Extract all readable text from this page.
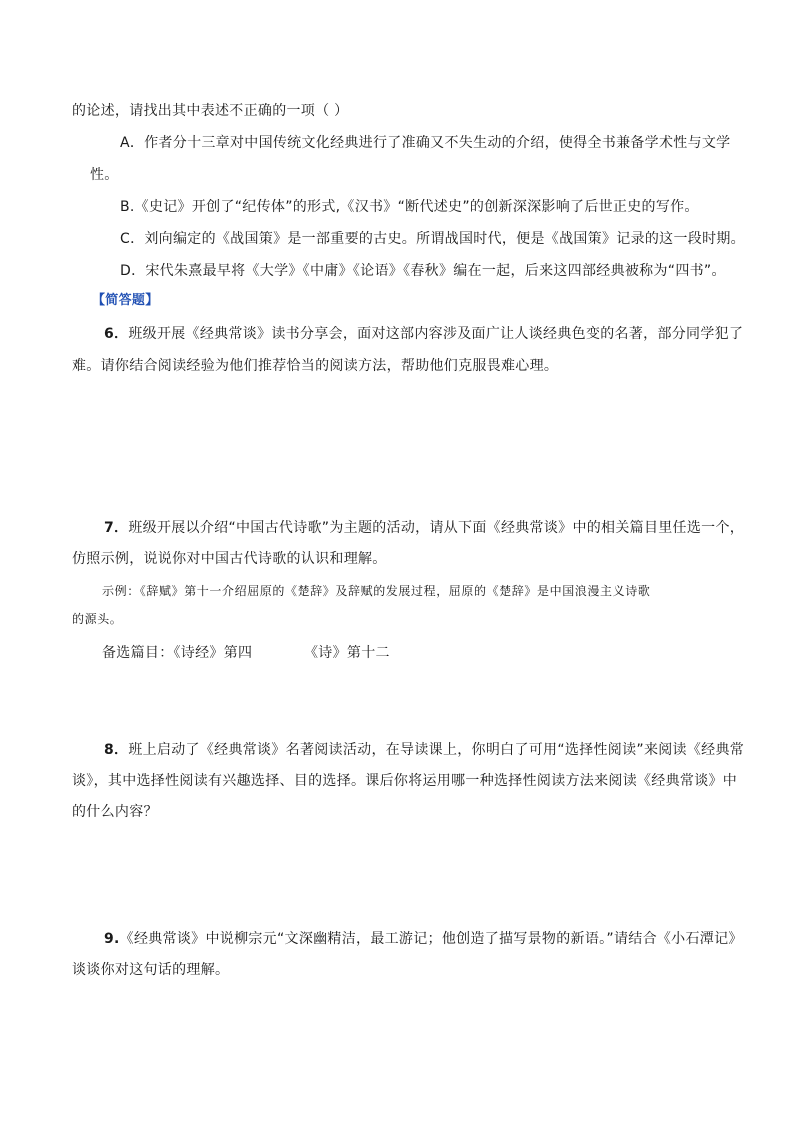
的论述，请找出其中表述不正确的一项（ ）
A．作者分十三章对中国传统文化经典进行了准确又不失生动的介绍，使得全书兼备学术性与文学
性。
B.《史记》开创了“纪传体”的形式,《汉书》“断代述史”的创新深深影响了后世正史的写作。
C．刘向编定的《战国策》是一部重要的古史。所谓战国时代，便是《战国策》记录的这一段时期。
D．宋代朱熹最早将《大学》《中庸》《论语》《春秋》编在一起，后来这四部经典被称为“四书”。
【简答题】
6．班级开展《经典常谈》读书分享会，面对这部内容涉及面广让人谈经典色变的名著，部分同学犯了
难。请你结合阅读经验为他们推荐恰当的阅读方法，帮助他们克服畏难心理。
7．班级开展以介绍“中国古代诗歌”为主题的活动，请从下面《经典常谈》中的相关篇目里任选一个，
仿照示例，说说你对中国古代诗歌的认识和理解。
示例：《辞赋》第十一介绍屈原的《楚辞》及辞赋的发展过程，屈原的《楚辞》是中国浪漫主义诗歌
的源头。
备选篇目：《诗经》第四	《诗》第十二
8．班上启动了《经典常谈》名著阅读活动，在导读课上，你明白了可用“选择性阅读”来阅读《经典常
谈》，其中选择性阅读有兴趣选择、目的选择。课后你将运用哪一种选择性阅读方法来阅读《经典常谈》中
的什么内容？
9.《经典常谈》中说柳宗元“文深幽精洁，最工游记；他创造了描写景物的新语。”请结合《小石潭记》
谈谈你对这句话的理解。
